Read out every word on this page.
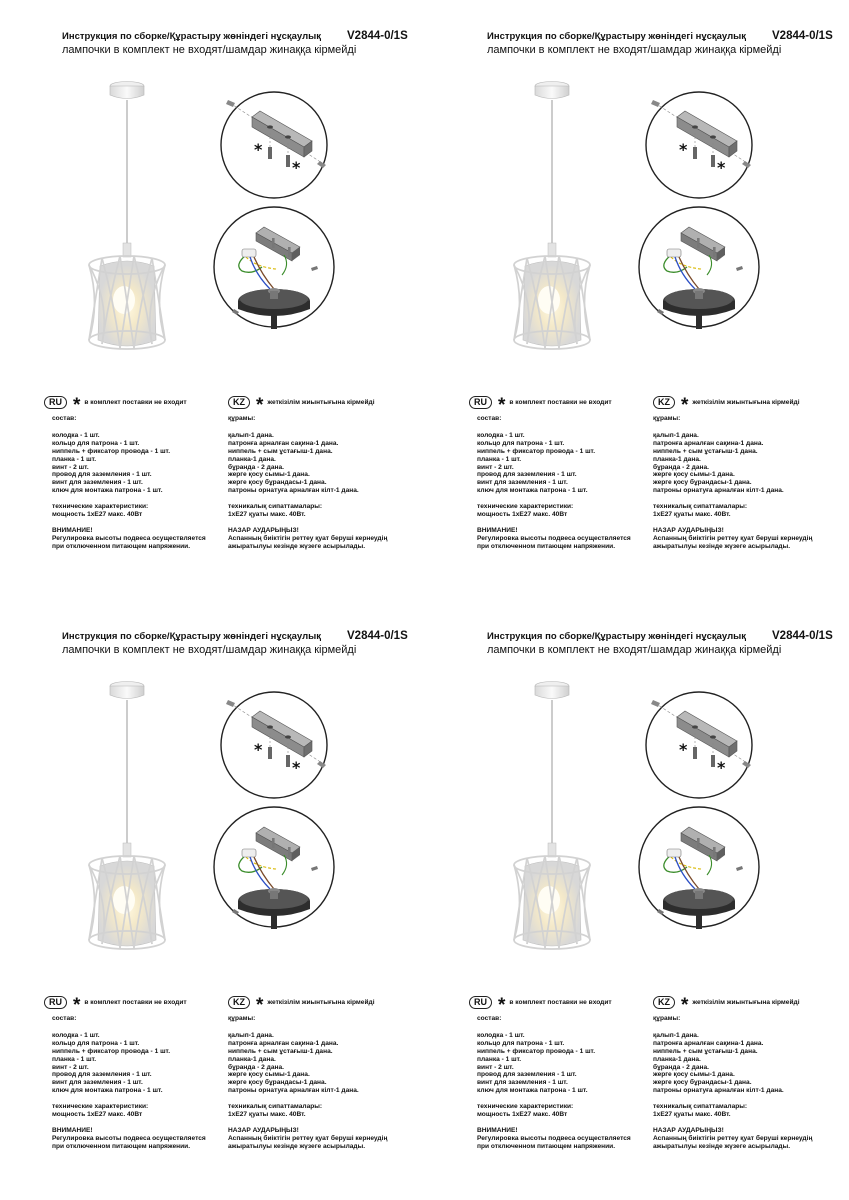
Инструкция по сборке/Құрастыру жөніндегі нұсқаулық V2844-0/1S
лампочки в комплект не входят/шамдар жинаққа кірмейді
*
*
RU * в комплект поставки не входит	KZ * жеткізілім жиынтығына кірмейді
состав:
колодка - 1 шт.
кольцо для патрона - 1 шт.
ниппель + фиксатор провода - 1 шт.
планка - 1 шт.
винт - 2 шт.
провод для заземления - 1 шт.
винт для заземления - 1 шт.
ключ для монтажа патрона - 1 шт.
технические характеристики:
мощность 1хЕ27 макс. 40Вт
ВНИМАНИЕ!
Регулировка высоты подвеса осуществляется
при отключенном питающем напряжении.
құрамы:
қалып-1 дана.
патронға арналған сақина-1 дана.
ниппель + сым ұстағыш-1 дана.
планка-1 дана.
бұранда - 2 дана.
жерге қосу сымы-1 дана.
жерге қосу бұрандасы-1 дана.
патроны орнатуға арналған кілт-1 дана.
техникалық сипаттамалары:
1хЕ27 қуаты макс. 40Вт.
НАЗАР АУДАРЫҢЫЗ!
Аспанның биіктігін реттеу қуат беруші кернеудің
ажыратылуы кезінде жүзеге асырылады.
Инструкция по сборке/Құрастыру жөніндегі нұсқаулық V2844-0/1S
лампочки в комплект не входят/шамдар жинаққа кірмейді
*
*
RU * в комплект поставки не входит	KZ * жеткізілім жиынтығына кірмейді
состав:
колодка - 1 шт.
кольцо для патрона - 1 шт.
ниппель + фиксатор провода - 1 шт.
планка - 1 шт.
винт - 2 шт.
провод для заземления - 1 шт.
винт для заземления - 1 шт.
ключ для монтажа патрона - 1 шт.
технические характеристики:
мощность 1хЕ27 макс. 40Вт
ВНИМАНИЕ!
Регулировка высоты подвеса осуществляется
при отключенном питающем напряжении.
құрамы:
қалып-1 дана.
патронға арналған сақина-1 дана.
ниппель + сым ұстағыш-1 дана.
планка-1 дана.
бұранда - 2 дана.
жерге қосу сымы-1 дана.
жерге қосу бұрандасы-1 дана.
патроны орнатуға арналған кілт-1 дана.
техникалық сипаттамалары:
1хЕ27 қуаты макс. 40Вт.
НАЗАР АУДАРЫҢЫЗ!
Аспанның биіктігін реттеу қуат беруші кернеудің
ажыратылуы кезінде жүзеге асырылады.
Инструкция по сборке/Құрастыру жөніндегі нұсқаулық V2844-0/1S
лампочки в комплект не входят/шамдар жинаққа кірмейді
*
*
RU * в комплект поставки не входит	KZ * жеткізілім жиынтығына кірмейді
состав:
колодка - 1 шт.
кольцо для патрона - 1 шт.
ниппель + фиксатор провода - 1 шт.
планка - 1 шт.
винт - 2 шт.
провод для заземления - 1 шт.
винт для заземления - 1 шт.
ключ для монтажа патрона - 1 шт.
технические характеристики:
мощность 1хЕ27 макс. 40Вт
ВНИМАНИЕ!
Регулировка высоты подвеса осуществляется
при отключенном питающем напряжении.
құрамы:
қалып-1 дана.
патронға арналған сақина-1 дана.
ниппель + сым ұстағыш-1 дана.
планка-1 дана.
бұранда - 2 дана.
жерге қосу сымы-1 дана.
жерге қосу бұрандасы-1 дана.
патроны орнатуға арналған кілт-1 дана.
техникалық сипаттамалары:
1хЕ27 қуаты макс. 40Вт.
НАЗАР АУДАРЫҢЫЗ!
Аспанның биіктігін реттеу қуат беруші кернеудің
ажыратылуы кезінде жүзеге асырылады.
Инструкция по сборке/Құрастыру жөніндегі нұсқаулық V2844-0/1S
лампочки в комплект не входят/шамдар жинаққа кірмейді
*
*
RU * в комплект поставки не входит	KZ * жеткізілім жиынтығына кірмейді
состав:
колодка - 1 шт.
кольцо для патрона - 1 шт.
ниппель + фиксатор провода - 1 шт.
планка - 1 шт.
винт - 2 шт.
провод для заземления - 1 шт.
винт для заземления - 1 шт.
ключ для монтажа патрона - 1 шт.
технические характеристики:
мощность 1хЕ27 макс. 40Вт
ВНИМАНИЕ!
Регулировка высоты подвеса осуществляется
при отключенном питающем напряжении.
құрамы:
қалып-1 дана.
патронға арналған сақина-1 дана.
ниппель + сым ұстағыш-1 дана.
планка-1 дана.
бұранда - 2 дана.
жерге қосу сымы-1 дана.
жерге қосу бұрандасы-1 дана.
патроны орнатуға арналған кілт-1 дана.
техникалық сипаттамалары:
1хЕ27 қуаты макс. 40Вт.
НАЗАР АУДАРЫҢЫЗ!
Аспанның биіктігін реттеу қуат беруші кернеудің
ажыратылуы кезінде жүзеге асырылады.
